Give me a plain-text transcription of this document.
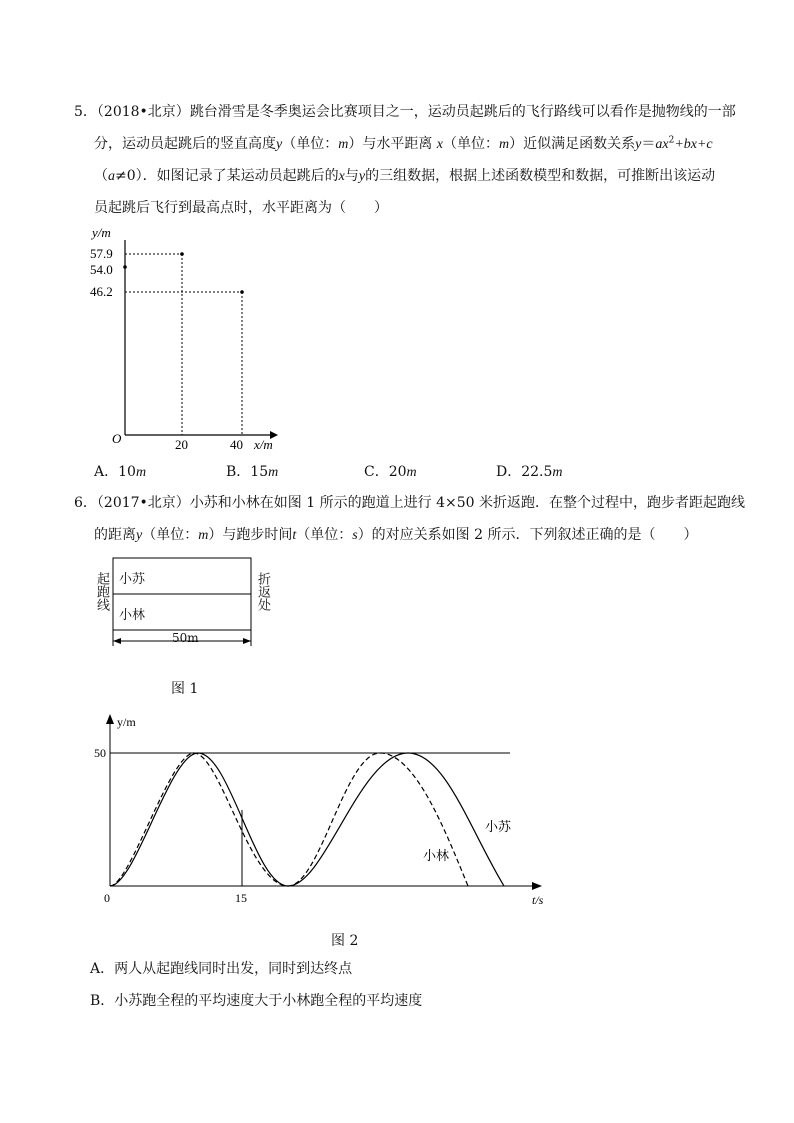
5．（2018•北京）跳台滑雪是冬季奥运会比赛项目之一，运动员起跳后的飞行路线可以看作是抛物线的一部
分，运动员起跳后的竖直高度y（单位：m）与水平距离 x（单位：m）近似满足函数关系$y=ax^2+bx+c$
（a≠0）．如图记录了某运动员起跳后的x与y的三组数据，根据上述函数模型和数据，可推断出该运动
员起跳后飞行到最高点时，水平距离为（　　）
y/m
57.9
54.0
46.2
O	20	40 x/m
A．10m	B．15m	C．20m	D．22.5m
6．（2017•北京）小苏和小林在如图 1 所示的跑道上进行 4×50 米折返跑．在整个过程中，跑步者距起跑线
的距离y（单位：m）与跑步时间t（单位：s）的对应关系如图 2 所示．下列叙述正确的是（　　）
起跑线	折返处
小苏
小林
50m
图 1
y/m
50
0	15	t/s
小苏
小林
图 2
A．两人从起跑线同时出发，同时到达终点
B．小苏跑全程的平均速度大于小林跑全程的平均速度
